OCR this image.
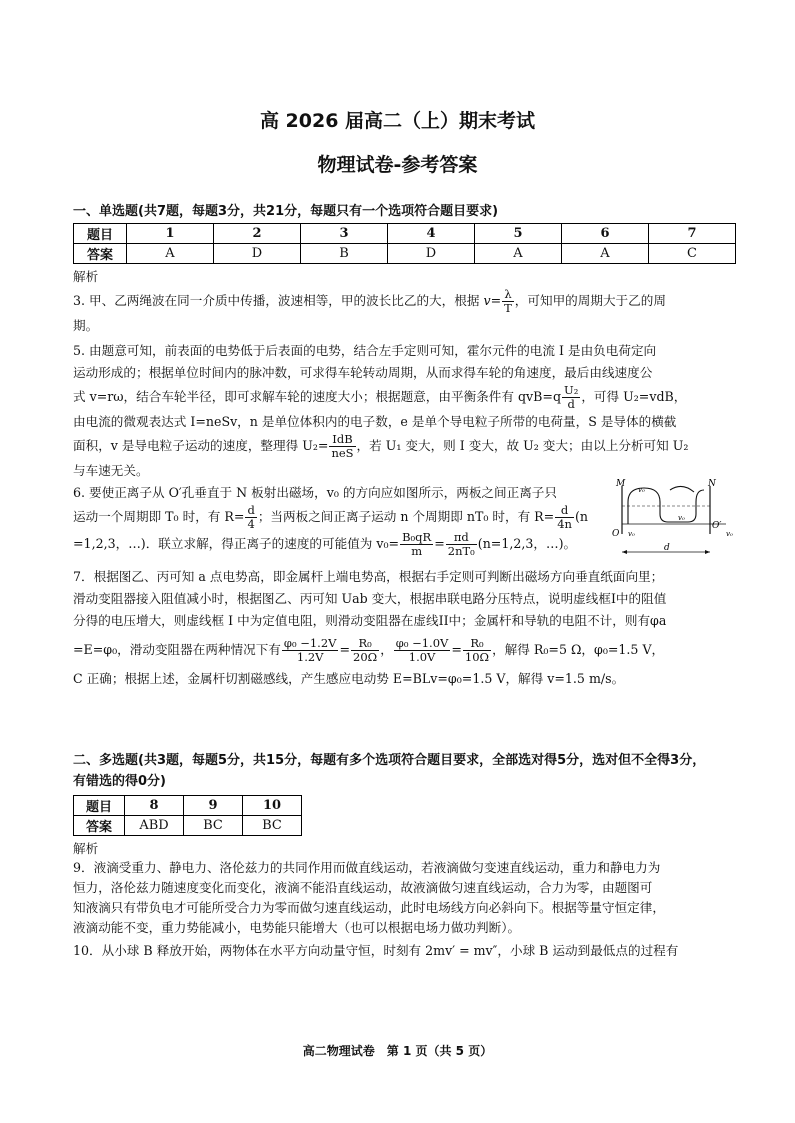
高 2026 届高二（上）期末考试
物理试卷-参考答案
一、单选题(共7题，每题3分，共21分，每题只有一个选项符合题目要求)
题目	1	2	3	4	5	6	7
答案	A	D	B	D	A	A	C
解析
3. 甲、乙两绳波在同一介质中传播，波速相等，甲的波长比乙的大，根据 $v= \frac{\lambda}{T}$ ，可知甲的周期大于乙的周
期。
5. 由题意可知，前表面的电势低于后表面的电势，结合左手定则可知，霍尔元件的电流 I 是由负电荷定向
运动形成的；根据单位时间内的脉冲数，可求得车轮转动周期，从而求得车轮的角速度，最后由线速度公
式 v=rω，结合车轮半径，即可求解车轮的速度大小；根据题意，由平衡条件有 $qvB=q \frac{\text{U₂}}{d}$ ，可得 U₂=vdB，
由电流的微观表达式 I=neSv，n 是单位体积内的电子数，e 是单个导电粒子所带的电荷量，S 是导体的横截
面积，v 是导电粒子运动的速度，整理得 $U_2= \frac{\text{IdB}}{\text{neS}}$ ，若 U₁ 变大，则 I 变大，故 U₂ 变大；由以上分析可知 U₂
与车速无关。
6. 要使正离子从 O′孔垂直于 N 板射出磁场，v₀ 的方向应如图所示，两板之间正离子只
运动一个周期即 T₀ 时，有 $R= \frac{d}{4}$ ；当两板之间正离子运动 n 个周期即 nT₀ 时，有 $R= \frac{d}{4n} (n$
=1,2,3，…)．联立求解，得正离子的速度的可能值为 $v_0= \frac{\text{B₀qR}}{m} = \frac{\pi d}{\text{2nT₀}} (n=1,2,3$，…)。
M	N
O
O′
v₀
v₀
v₀	v₀
d
7．根据图乙、丙可知 a 点电势高，即金属杆上端电势高，根据右手定则可判断出磁场方向垂直纸面向里；
滑动变阻器接入阻值减小时，根据图乙、丙可知 Uab 变大，根据串联电路分压特点，说明虚线框I中的阻值
分得的电压增大，则虚线框 I 中为定值电阻，则滑动变阻器在虚线II中；金属杆和导轨的电阻不计，则有φa
=E=φ₀，滑动变阻器在两种情况下有 $\frac{\text{φ₀ −1.2V}}{1.2V} = \frac{\text{R₀}}{20\Omega}$ ， $\frac{\text{φ₀ −1.0V}}{1.0V} = \frac{\text{R₀}}{10\Omega}$ ，解得 R₀=5 Ω，φ₀=1.5 V，
C 正确；根据上述，金属杆切割磁感线，产生感应电动势 E=BLv=φ₀=1.5 V，解得 v=1.5 m/s。
二、多选题(共3题，每题5分，共15分，每题有多个选项符合题目要求，全部选对得5分，选对但不全得3分，
有错选的得0分)
题目	8	9	10
答案	ABD	BC	BC
解析
9．液滴受重力、静电力、洛伦兹力的共同作用而做直线运动，若液滴做匀变速直线运动，重力和静电力为
恒力，洛伦兹力随速度变化而变化，液滴不能沿直线运动，故液滴做匀速直线运动，合力为零，由题图可
知液滴只有带负电才可能所受合力为零而做匀速直线运动，此时电场线方向必斜向下。根据等量守恒定律，
液滴动能不变，重力势能减小，电势能只能增大（也可以根据电场力做功判断）。
10．从小球 B 释放开始，两物体在水平方向动量守恒，时刻有 2mv′ = mv″，小球 B 运动到最低点的过程有
高二物理试卷　第 1 页（共 5 页）
